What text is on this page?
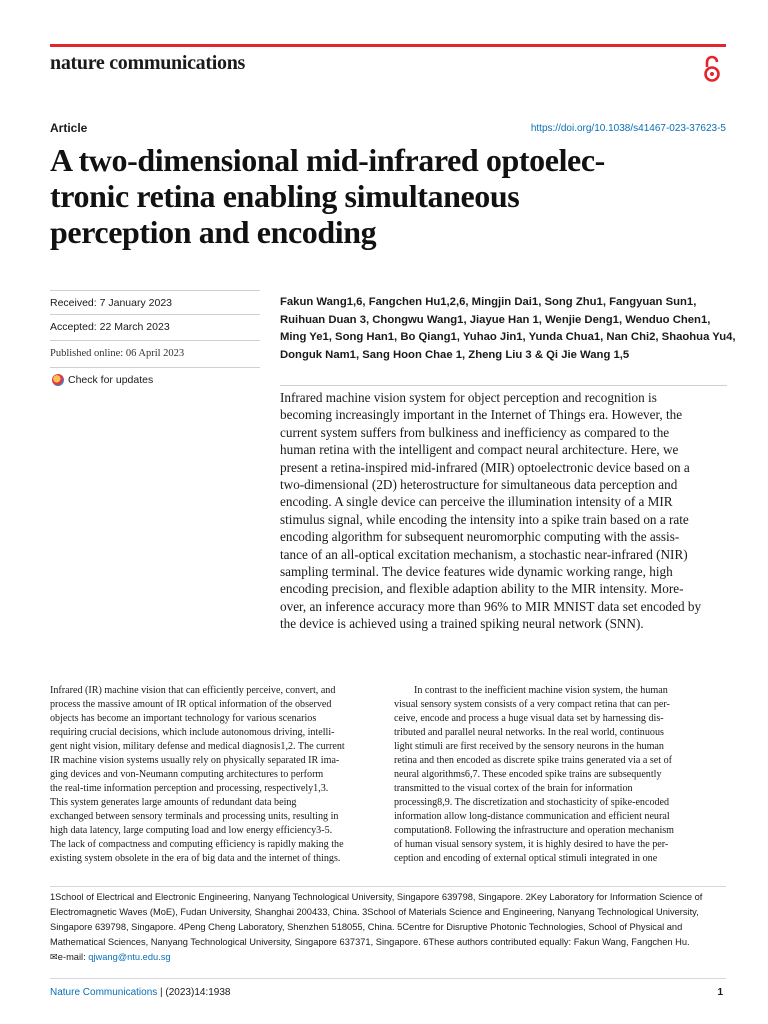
nature communications
Article	https://doi.org/10.1038/s41467-023-37623-5
A two-dimensional mid-infrared optoelec-
tronic retina enabling simultaneous
perception and encoding
Received: 7 January 2023
Accepted: 22 March 2023
Published online: 06 April 2023
Check for updates
Fakun Wang1,6, Fangchen Hu1,2,6, Mingjin Dai1, Song Zhu1, Fangyuan Sun1,
Ruihuan Duan 3, Chongwu Wang1, Jiayue Han 1, Wenjie Deng1, Wenduo Chen1,
Ming Ye1, Song Han1, Bo Qiang1, Yuhao Jin1, Yunda Chua1, Nan Chi2, Shaohua Yu4,
Donguk Nam1, Sang Hoon Chae 1, Zheng Liu 3 & Qi Jie Wang 1,5
Infrared machine vision system for object perception and recognition is
becoming increasingly important in the Internet of Things era. However, the
current system suffers from bulkiness and inefficiency as compared to the
human retina with the intelligent and compact neural architecture. Here, we
present a retina-inspired mid-infrared (MIR) optoelectronic device based on a
two-dimensional (2D) heterostructure for simultaneous data perception and
encoding. A single device can perceive the illumination intensity of a MIR
stimulus signal, while encoding the intensity into a spike train based on a rate
encoding algorithm for subsequent neuromorphic computing with the assis-
tance of an all-optical excitation mechanism, a stochastic near-infrared (NIR)
sampling terminal. The device features wide dynamic working range, high
encoding precision, and flexible adaption ability to the MIR intensity. More-
over, an inference accuracy more than 96% to MIR MNIST data set encoded by
the device is achieved using a trained spiking neural network (SNN).
Infrared (IR) machine vision that can efficiently perceive, convert, and
process the massive amount of IR optical information of the observed
objects has become an important technology for various scenarios
requiring crucial decisions, which include autonomous driving, intelli-
gent night vision, military defense and medical diagnosis1,2. The current
IR machine vision systems usually rely on physically separated IR ima-
ging devices and von-Neumann computing architectures to perform
the real-time information perception and processing, respectively1,3.
This system generates large amounts of redundant data being
exchanged between sensory terminals and processing units, resulting in
high data latency, large computing load and low energy efficiency3-5.
The lack of compactness and computing efficiency is rapidly making the
existing system obsolete in the era of big data and the internet of things.
In contrast to the inefficient machine vision system, the human
visual sensory system consists of a very compact retina that can per-
ceive, encode and process a huge visual data set by harnessing dis-
tributed and parallel neural networks. In the real world, continuous
light stimuli are first received by the sensory neurons in the human
retina and then encoded as discrete spike trains generated via a set of
neural algorithms6,7. These encoded spike trains are subsequently
transmitted to the visual cortex of the brain for information
processing8,9. The discretization and stochasticity of spike-encoded
information allow long-distance communication and efficient neural
computation8. Following the infrastructure and operation mechanism
of human visual sensory system, it is highly desired to have the per-
ception and encoding of external optical stimuli integrated in one
1School of Electrical and Electronic Engineering, Nanyang Technological University, Singapore 639798, Singapore. 2Key Laboratory for Information Science of
Electromagnetic Waves (MoE), Fudan University, Shanghai 200433, China. 3School of Materials Science and Engineering, Nanyang Technological University,
Singapore 639798, Singapore. 4Peng Cheng Laboratory, Shenzhen 518055, China. 5Centre for Disruptive Photonic Technologies, School of Physical and
Mathematical Sciences, Nanyang Technological University, Singapore 637371, Singapore. 6These authors contributed equally: Fakun Wang, Fangchen Hu.
✉e-mail: qjwang@ntu.edu.sg
Nature Communications | (2023)14:1938	1
